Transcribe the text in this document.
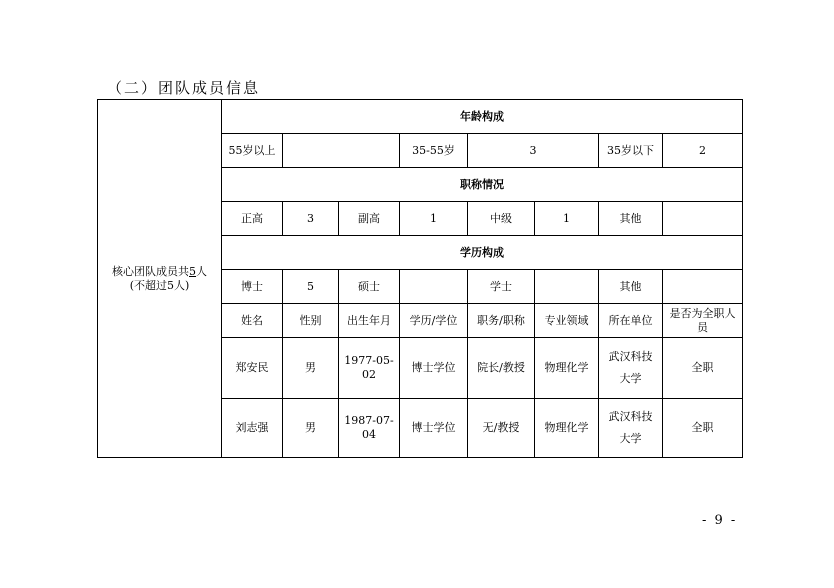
（二）团队成员信息
核心团队成员共5人
(不超过5人)	年龄构成							
	55岁以上			35-55岁	3		35岁以下	2
	职称情况							
	正高	3	副高	1	中级	1	其他	
	学历构成							
	博士	5	硕士		学士		其他	
	姓名	性别	出生年月	学历/学位	职务/职称	专业领域	所在单位	是否为全职人员
	郑安民	男	1977-05-02	博士学位	院长/教授	物理化学	武汉科技大学	全职
	刘志强	男	1987-07-04	博士学位	无/教授	物理化学	武汉科技大学	全职
- 9 -
